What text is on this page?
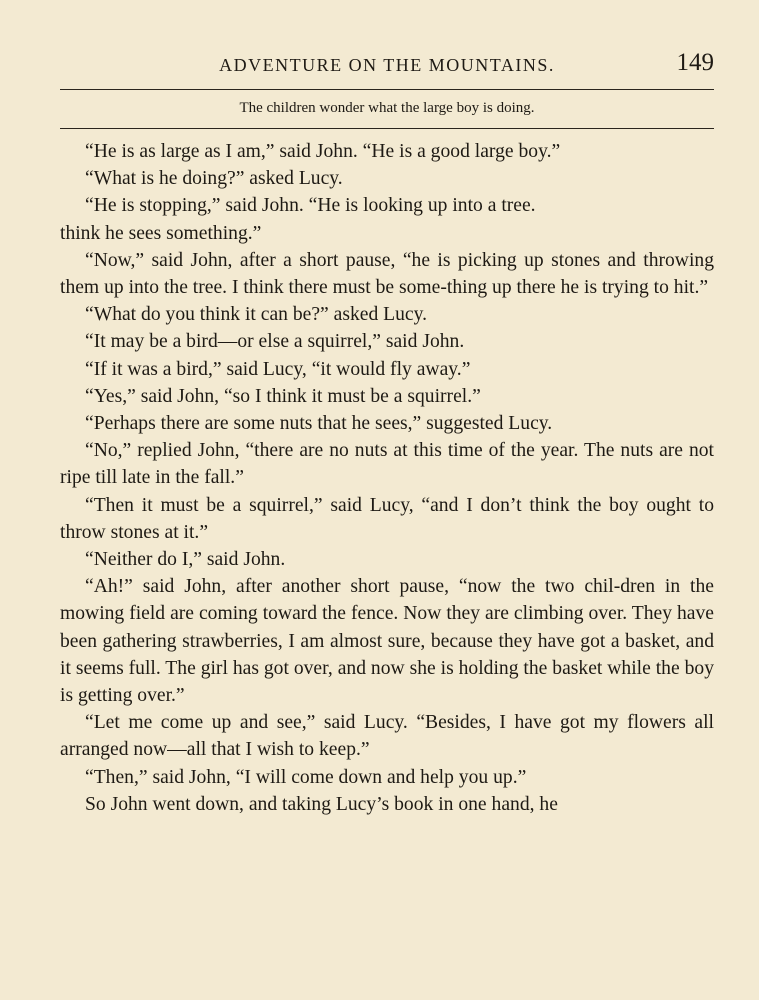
ADVENTURE ON THE MOUNTAINS.	149
The children wonder what the large boy is doing.

“He is as large as I am,” said John. “He is a good large boy.”

“What is he doing?” asked Lucy.

“He is stopping,” said John. “He is looking up into a tree.

think he sees something.”

“Now,” said John, after a short pause, “he is picking up stones and throwing them up into the tree. I think there must be some-thing up there he is trying to hit.”

“What do you think it can be?” asked Lucy.

“It may be a bird—or else a squirrel,” said John.

“If it was a bird,” said Lucy, “it would fly away.”

“Yes,” said John, “so I think it must be a squirrel.”

“Perhaps there are some nuts that he sees,” suggested Lucy.

“No,” replied John, “there are no nuts at this time of the year. The nuts are not ripe till late in the fall.”

“Then it must be a squirrel,” said Lucy, “and I don’t think the boy ought to throw stones at it.”

“Neither do I,” said John.

“Ah!” said John, after another short pause, “now the two chil-dren in the mowing field are coming toward the fence. Now they are climbing over. They have been gathering strawberries, I am almost sure, because they have got a basket, and it seems full. The girl has got over, and now she is holding the basket while the boy is getting over.”

“Let me come up and see,” said Lucy. “Besides, I have got my flowers all arranged now—all that I wish to keep.”

“Then,” said John, “I will come down and help you up.”

So John went down, and taking Lucy’s book in one hand, he
